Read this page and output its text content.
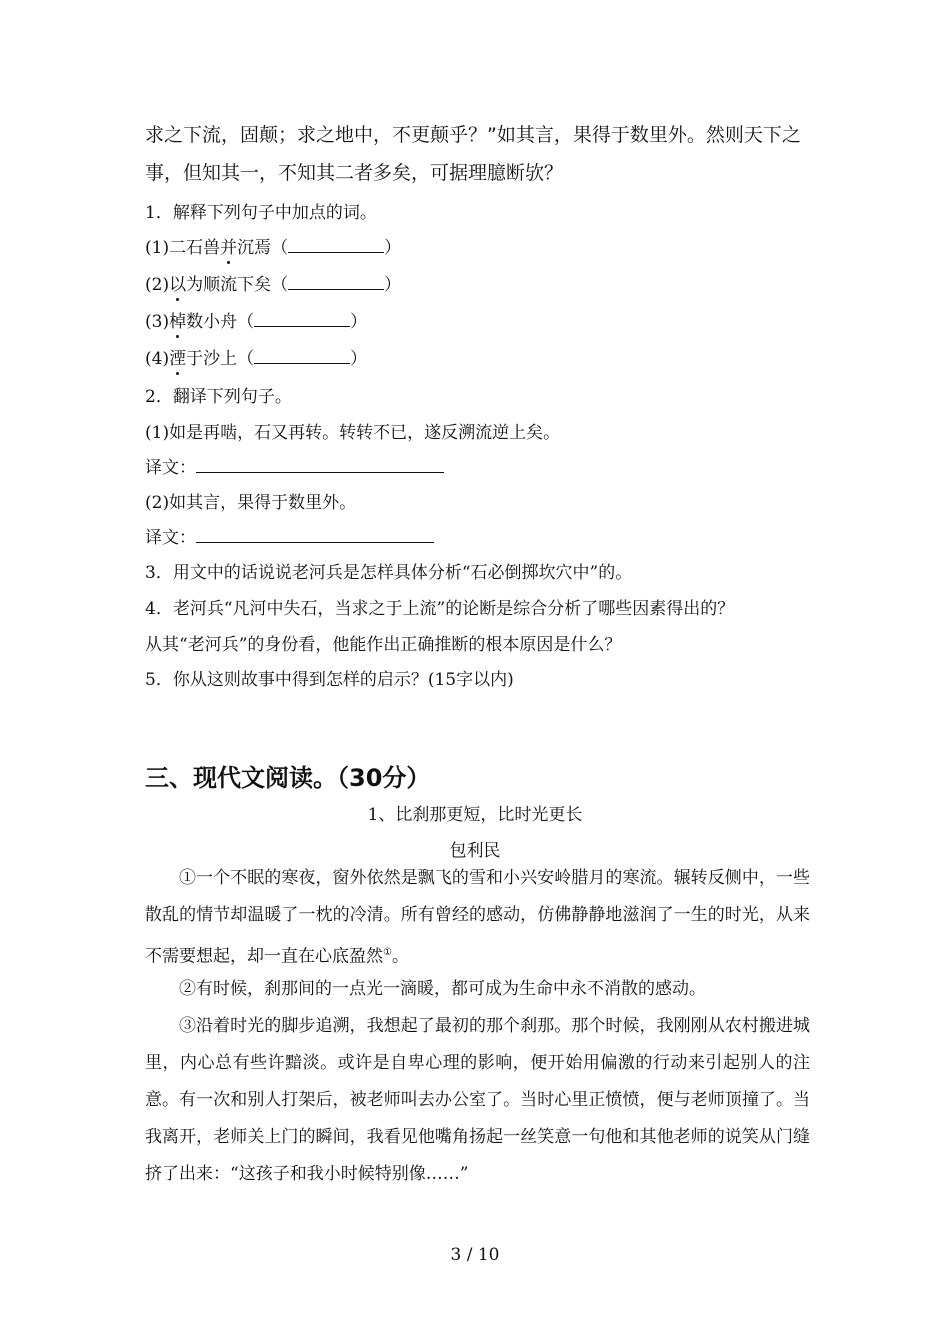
求之下流，固颠；求之地中，不更颠乎？”如其言，果得于数里外。然则天下之
事，但知其一，不知其二者多矣，可据理臆断欤？
1．解释下列句子中加点的词。
(1)二石兽并沉焉（	）
(2)以为顺流下矣（	）
(3)棹数小舟（	）
(4)湮于沙上（	）
2．翻译下列句子。
(1)如是再啮，石又再转。转转不已，遂反溯流逆上矣。
译文：
(2)如其言，果得于数里外。
译文：
3．用文中的话说说老河兵是怎样具体分析“石必倒掷坎穴中”的。
4．老河兵“凡河中失石，当求之于上流”的论断是综合分析了哪些因素得出的？
从其“老河兵”的身份看，他能作出正确推断的根本原因是什么？
5．你从这则故事中得到怎样的启示？(15字以内)
三、现代文阅读。（30分）
1、比刹那更短，比时光更长
包利民
①一个不眠的寒夜，窗外依然是飘飞的雪和小兴安岭腊月的寒流。辗转反侧中，一些散乱的情节却温暖了一枕的冷清。所有曾经的感动，仿佛静静地滋润了一生的时光，从来不需要想起，却一直在心底盈然①。
②有时候，刹那间的一点光一滴暖，都可成为生命中永不消散的感动。
③沿着时光的脚步追溯，我想起了最初的那个刹那。那个时候，我刚刚从农村搬进城里，内心总有些许黯淡。或许是自卑心理的影响，便开始用偏激的行动来引起别人的注意。有一次和别人打架后，被老师叫去办公室了。当时心里正愤愤，便与老师顶撞了。当我离开，老师关上门的瞬间，我看见他嘴角扬起一丝笑意一句他和其他老师的说笑从门缝挤了出来：“这孩子和我小时候特别像……”
3 / 10
